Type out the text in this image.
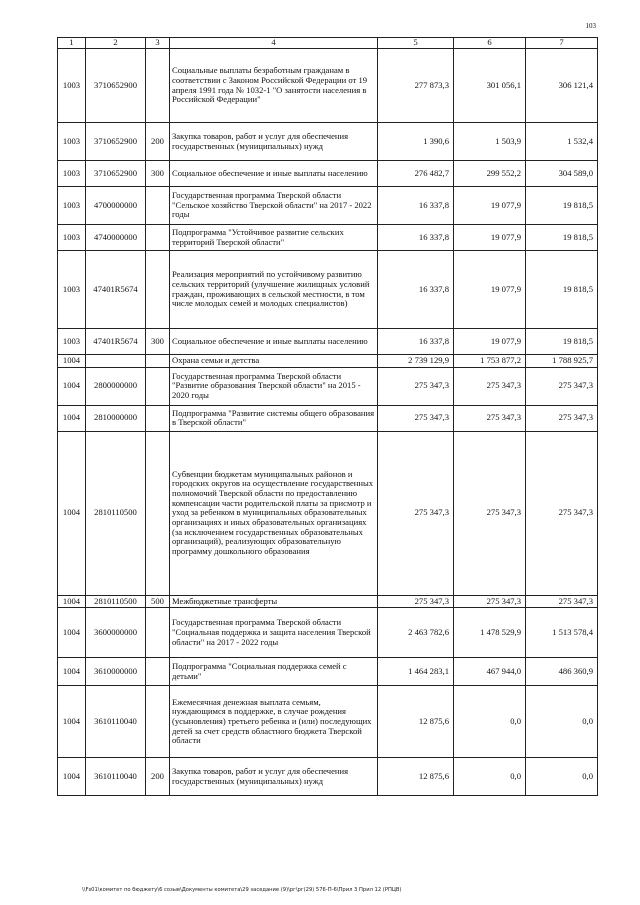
103
1	2	3	4	5	6	7
1003	3710652900		Социальные выплаты безработным гражданам в соответствии с Законом Российской Федерации от 19 апреля 1991 года № 1032-1 "О занятости населения в Российской Федерации"	277 873,3	301 056,1	306 121,4
1003	3710652900	200	Закупка товаров, работ и услуг для обеспечения государственных (муниципальных) нужд	1 390,6	1 503,9	1 532,4
1003	3710652900	300	Социальное обеспечение и иные выплаты населению	276 482,7	299 552,2	304 589,0
1003	4700000000		Государственная программа Тверской области "Сельское хозяйство Тверской области" на 2017 - 2022 годы	16 337,8	19 077,9	19 818,5
1003	4740000000		Подпрограмма "Устойчивое развитие сельских территорий Тверской области"	16 337,8	19 077,9	19 818,5
1003	47401R5674		Реализация мероприятий по устойчивому развитию сельских территорий (улучшение жилищных условий граждан, проживающих в сельской местности, в том числе молодых семей и молодых специалистов)	16 337,8	19 077,9	19 818,5
1003	47401R5674	300	Социальное обеспечение и иные выплаты населению	16 337,8	19 077,9	19 818,5
1004			Охрана семьи и детства	2 739 129,9	1 753 877,2	1 788 925,7
1004	2800000000		Государственная программа Тверской области "Развитие образования Тверской области" на 2015 - 2020 годы	275 347,3	275 347,3	275 347,3
1004	2810000000		Подпрограмма "Развитие системы общего образования в Тверской области"	275 347,3	275 347,3	275 347,3
1004	2810110500		Субвенции бюджетам муниципальных районов и городских округов на осуществление государственных полномочий Тверской области по предоставлению компенсации части родительской платы за присмотр и уход за ребенком в муниципальных образовательных организациях и иных образовательных организациях (за исключением государственных образовательных организаций), реализующих образовательную программу дошкольного образования	275 347,3	275 347,3	275 347,3
1004	2810110500	500	Межбюджетные трансферты	275 347,3	275 347,3	275 347,3
1004	3600000000		Государственная программа Тверской области "Социальная поддержка и защита населения Тверской области" на 2017 - 2022 годы	2 463 782,6	1 478 529,9	1 513 578,4
1004	3610000000		Подпрограмма "Социальная поддержка семей с детьми"	1 464 283,1	467 944,0	486 360,9
1004	3610110040		Ежемесячная денежная выплата семьям, нуждающимся в поддержке, в случае рождения (усыновления) третьего ребенка и (или) последующих детей за счет средств областного бюджета Тверской области	12 875,6	0,0	0,0
1004	3610110040	200	Закупка товаров, работ и услуг для обеспечения государственных (муниципальных) нужд	12 875,6	0,0	0,0
\\Fs01\комитет по бюджету\6 созыв\Документы комитета\29 заседание (9)\рг\рг(29) 576-П-6\Прил 3 Прил 12 (РПЦВ)
